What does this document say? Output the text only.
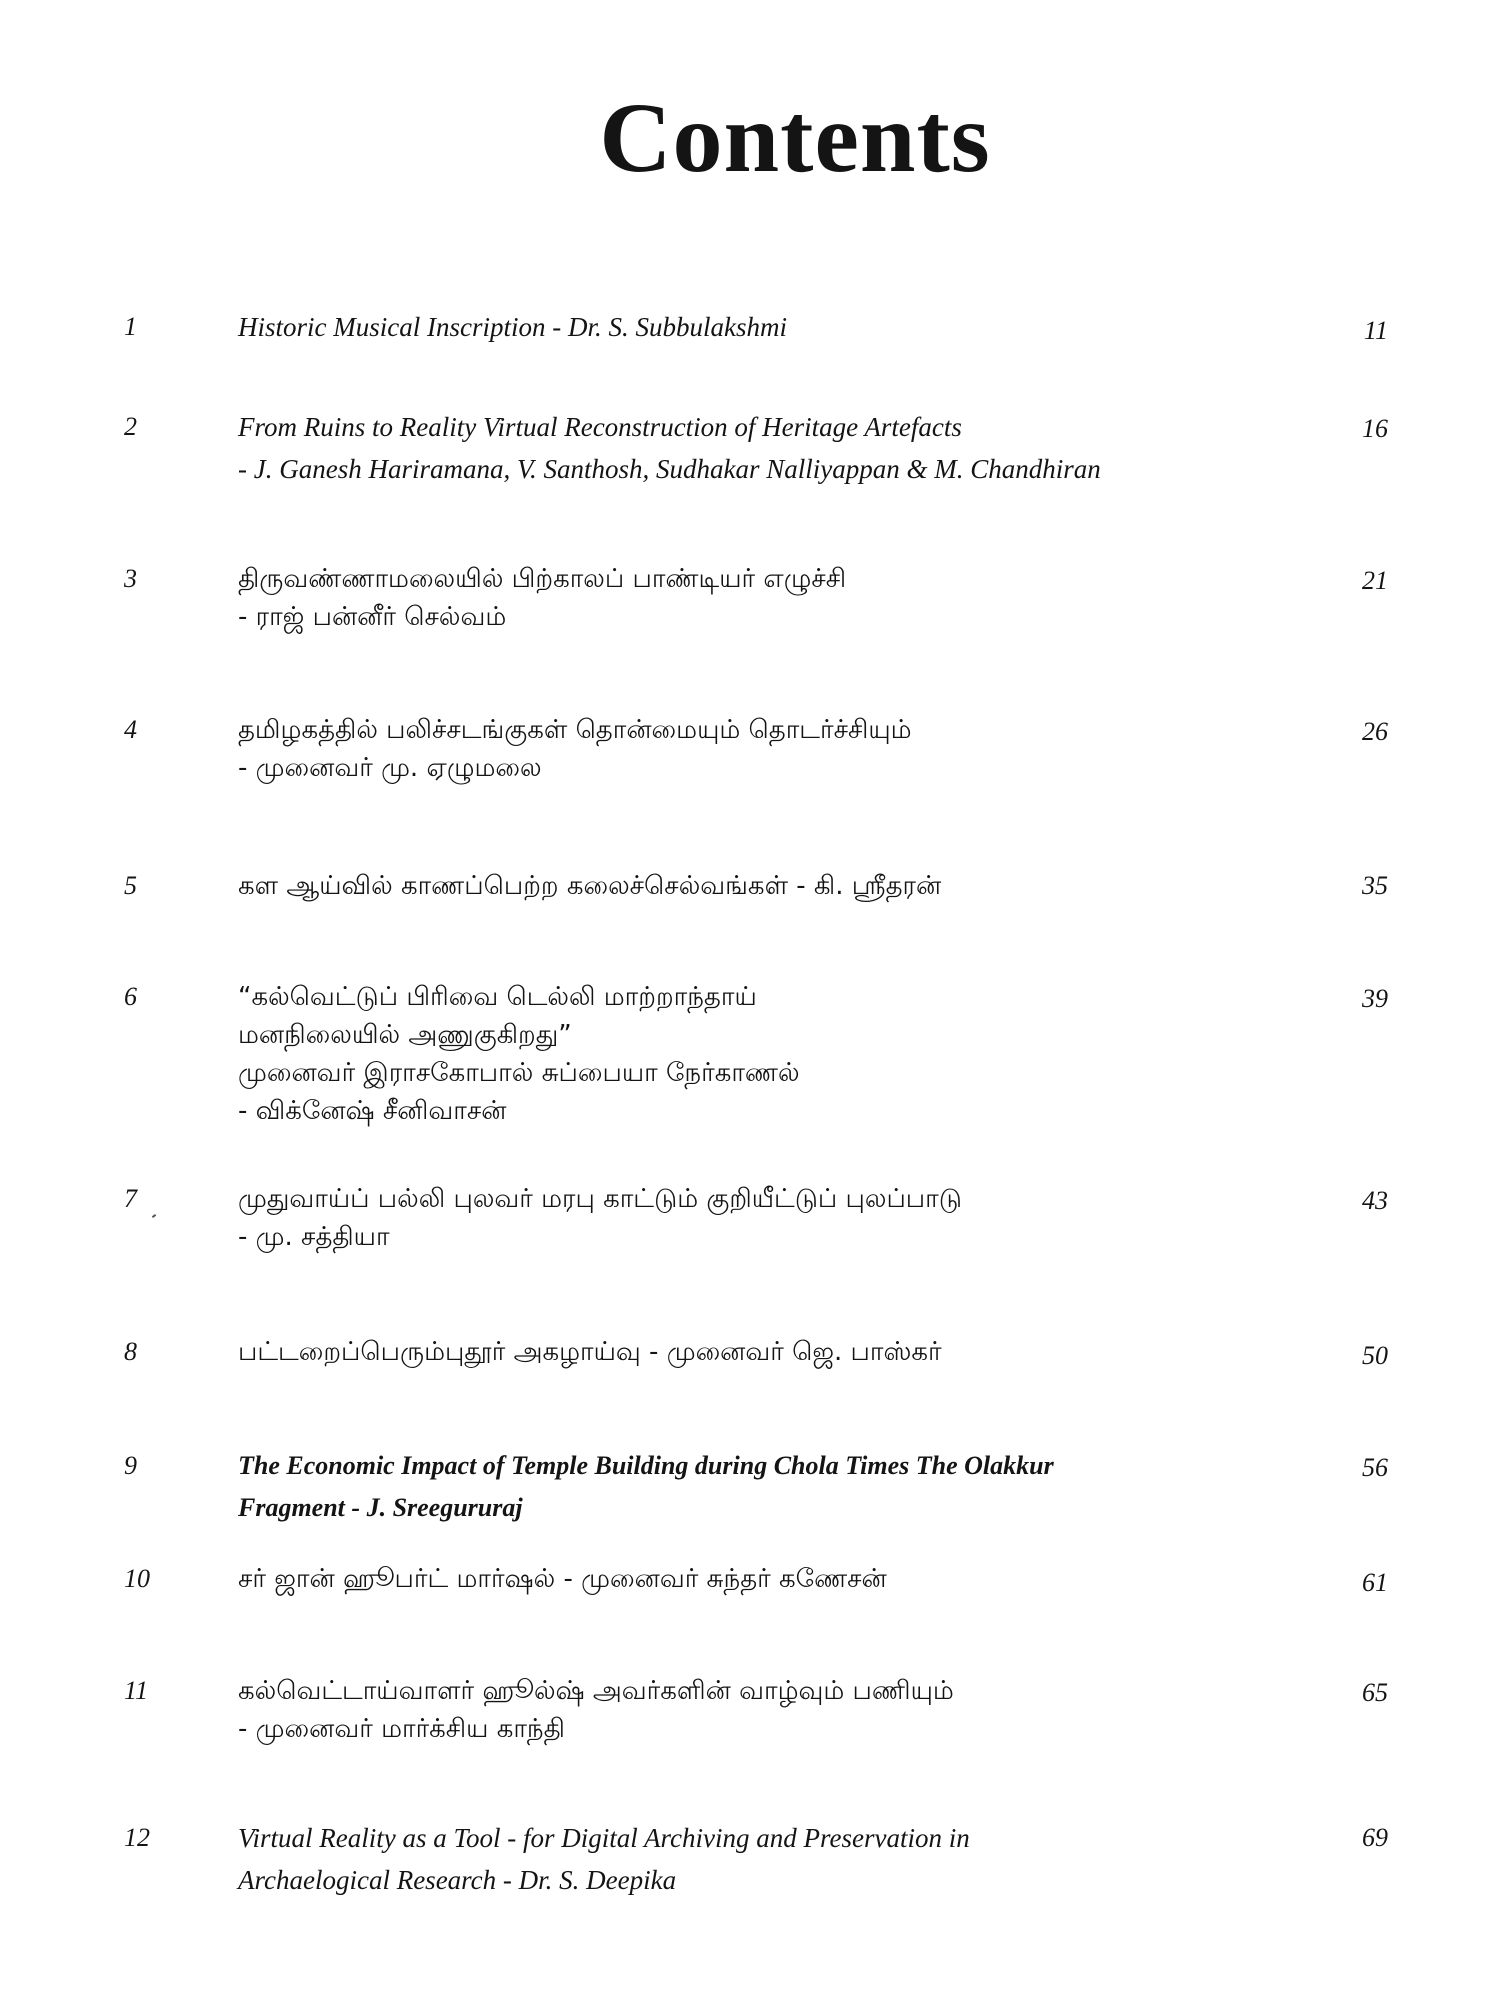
Contents
1	Historic Musical Inscription - Dr. S. Subbulakshmi	11
2	From Ruins to Reality Virtual Reconstruction of Heritage Artefacts
- J. Ganesh Hariramana, V. Santhosh, Sudhakar Nalliyappan & M. Chandhiran
16
3	திருவண்ணாமலையில் பிற்காலப் பாண்டியர் எழுச்சி
- ராஜ் பன்னீர் செல்வம்
21
4	தமிழகத்தில் பலிச்சடங்குகள் தொன்மையும் தொடர்ச்சியும்
- முனைவர் மு. ஏழுமலை
26
5	கள ஆய்வில் காணப்பெற்ற கலைச்செல்வங்கள் - கி. ஸ்ரீதரன்	35
6	“கல்வெட்டுப் பிரிவை டெல்லி மாற்றாந்தாய்
மனநிலையில் அணுகுகிறது”
முனைவர் இராசகோபால் சுப்பையா நேர்காணல்
- விக்னேஷ் சீனிவாசன்
39
7	முதுவாய்ப் பல்லி புலவர் மரபு காட்டும் குறியீட்டுப் புலப்பாடு
- மு. சத்தியா
43
8	பட்டறைப்பெரும்புதூர் அகழாய்வு - முனைவர் ஜெ. பாஸ்கர்	50
9	The Economic Impact of Temple Building during Chola Times The Olakkur
Fragment - J. Sreegururaj
56
10	சர் ஜான் ஹூபர்ட் மார்ஷல் - முனைவர் சுந்தர் கணேசன்	61
11	கல்வெட்டாய்வாளர் ஹூல்ஷ் அவர்களின் வாழ்வும் பணியும்
- முனைவர் மார்க்சிய காந்தி
65
12	Virtual Reality as a Tool - for Digital Archiving and Preservation in
Archaelogical Research - Dr. S. Deepika
69
